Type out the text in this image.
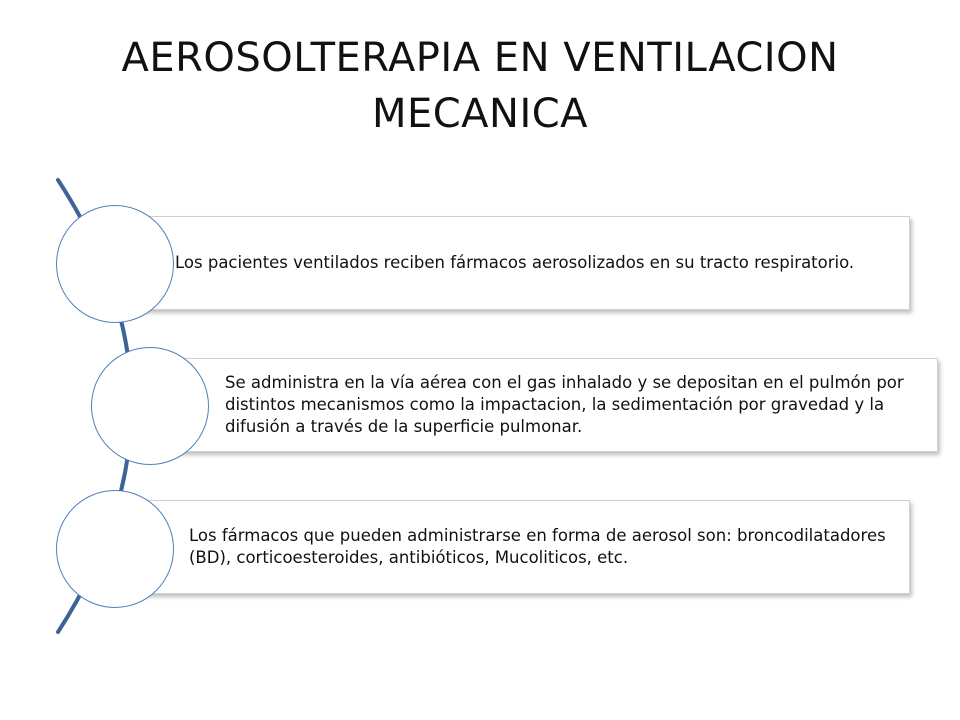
AEROSOLTERAPIA EN VENTILACION MECANICA
Los pacientes ventilados reciben fármacos aerosolizados en su tracto respiratorio.
Se administra en la vía aérea con el gas inhalado y se depositan en el pulmón por distintos mecanismos como la impactacion, la sedimentación por gravedad y la difusión a través de la superficie pulmonar.
Los fármacos que pueden administrarse en forma de aerosol son: broncodilatadores (BD), corticoesteroides, antibióticos, Mucoliticos, etc.
